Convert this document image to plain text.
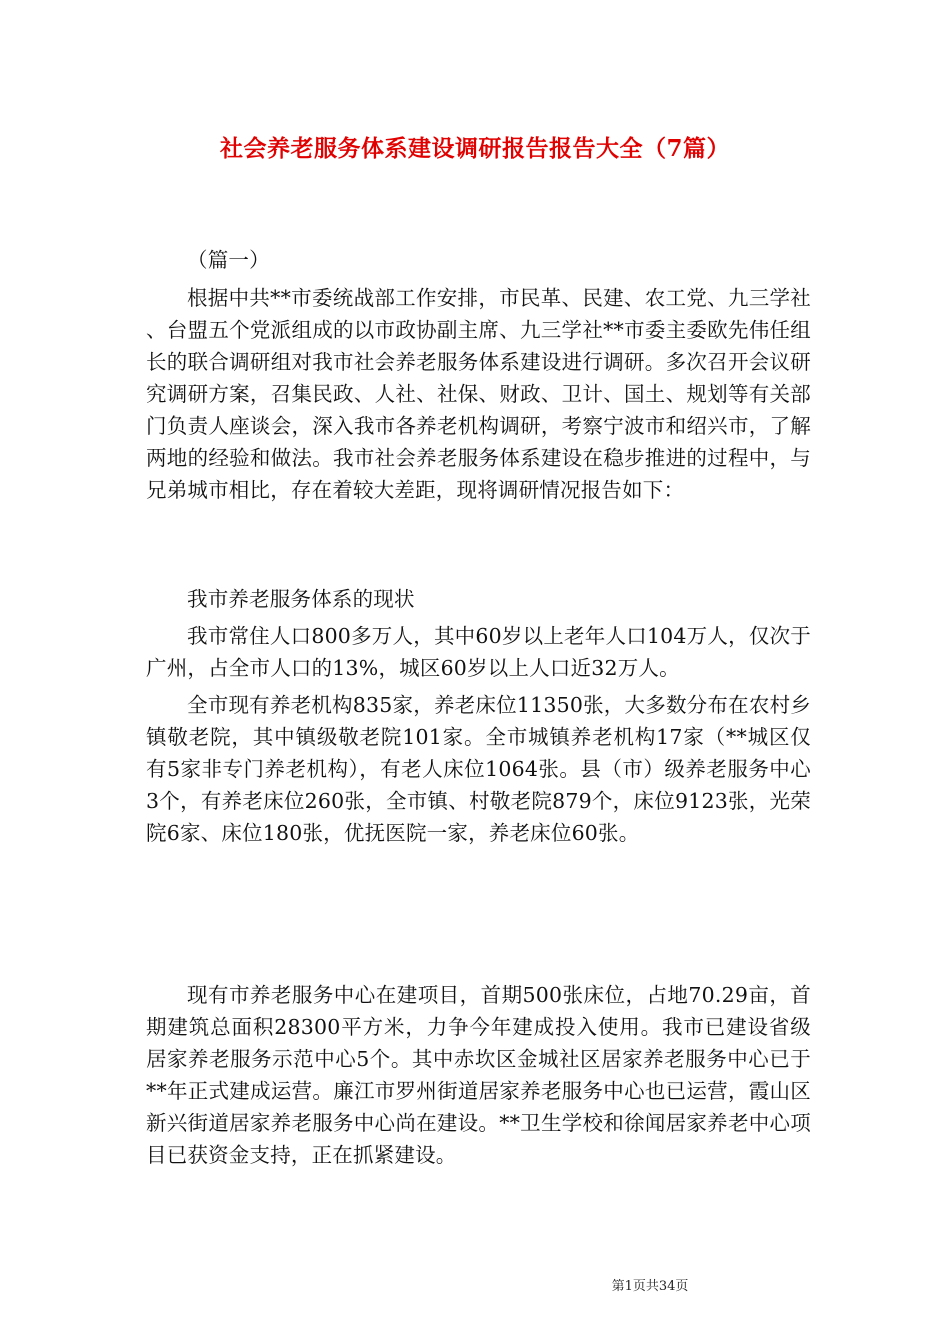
社会养老服务体系建设调研报告报告大全（7篇）

（篇一）

根据中共**市委统战部工作安排，市民革、民建、农工党、九三学社、台盟五个党派组成的以市政协副主席、九三学社**市委主委欧先伟任组长的联合调研组对我市社会养老服务体系建设进行调研。多次召开会议研究调研方案，召集民政、人社、社保、财政、卫计、国土、规划等有关部门负责人座谈会，深入我市各养老机构调研，考察宁波市和绍兴市，了解两地的经验和做法。我市社会养老服务体系建设在稳步推进的过程中，与兄弟城市相比，存在着较大差距，现将调研情况报告如下：

我市养老服务体系的现状

我市常住人口800多万人，其中60岁以上老年人口104万人，仅次于广州，占全市人口的13%，城区60岁以上人口近32万人。

全市现有养老机构835家，养老床位11350张，大多数分布在农村乡镇敬老院，其中镇级敬老院101家。全市城镇养老机构17家（**城区仅有5家非专门养老机构），有老人床位1064张。县（市）级养老服务中心3个，有养老床位260张，全市镇、村敬老院879个，床位9123张，光荣院6家、床位180张，优抚医院一家，养老床位60张。

现有市养老服务中心在建项目，首期500张床位，占地70.29亩，首期建筑总面积28300平方米，力争今年建成投入使用。我市已建设省级居家养老服务示范中心5个。其中赤坎区金城社区居家养老服务中心已于**年正式建成运营。廉江市罗州街道居家养老服务中心也已运营，霞山区新兴街道居家养老服务中心尚在建设。**卫生学校和徐闻居家养老中心项目已获资金支持，正在抓紧建设。

第1页共34页
